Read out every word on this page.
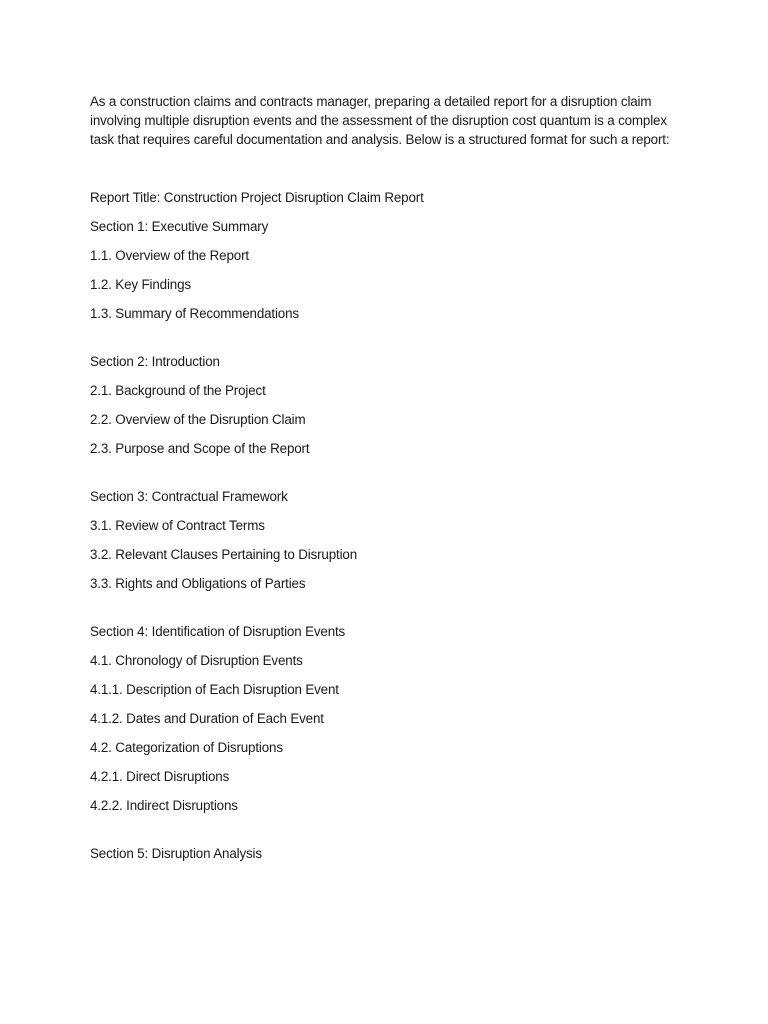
As a construction claims and contracts manager, preparing a detailed report for a disruption claim involving multiple disruption events and the assessment of the disruption cost quantum is a complex task that requires careful documentation and analysis. Below is a structured format for such a report:

Report Title: Construction Project Disruption Claim Report

Section 1: Executive Summary

1.1. Overview of the Report

1.2. Key Findings

1.3. Summary of Recommendations

Section 2: Introduction

2.1. Background of the Project

2.2. Overview of the Disruption Claim

2.3. Purpose and Scope of the Report

Section 3: Contractual Framework

3.1. Review of Contract Terms

3.2. Relevant Clauses Pertaining to Disruption

3.3. Rights and Obligations of Parties

Section 4: Identification of Disruption Events

4.1. Chronology of Disruption Events

4.1.1. Description of Each Disruption Event

4.1.2. Dates and Duration of Each Event

4.2. Categorization of Disruptions

4.2.1. Direct Disruptions

4.2.2. Indirect Disruptions

Section 5: Disruption Analysis
